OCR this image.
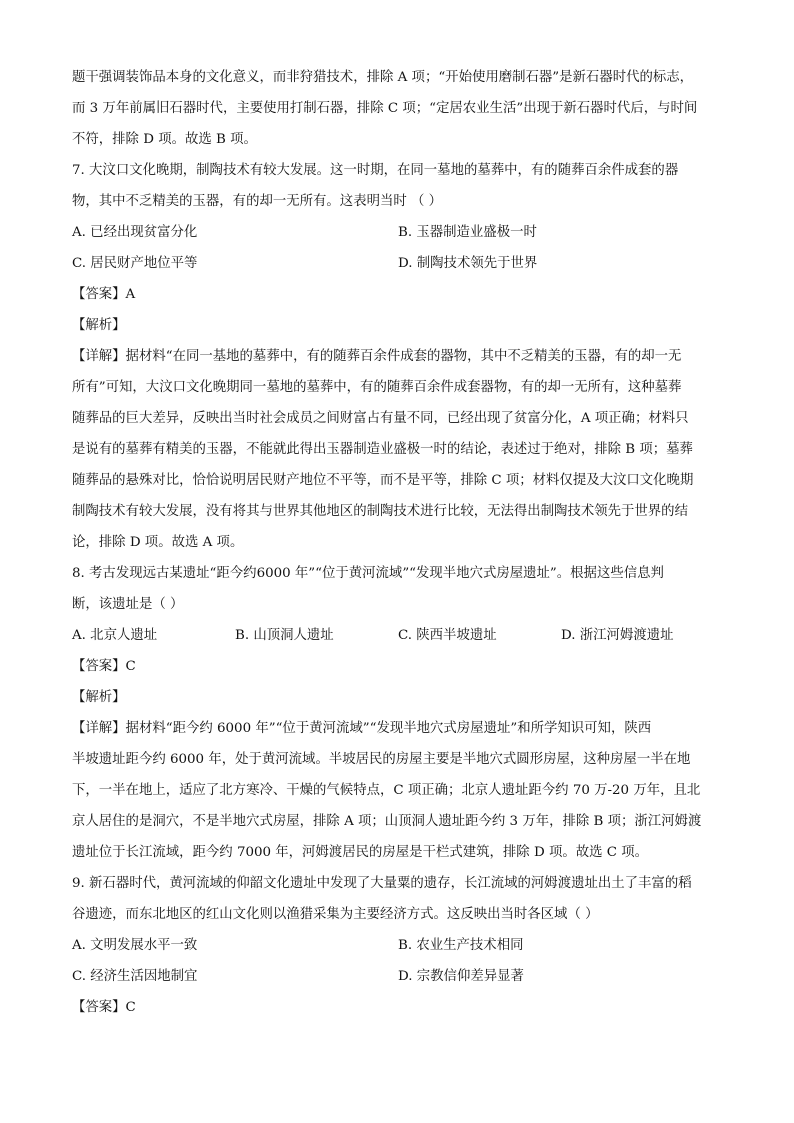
题干强调装饰品本身的文化意义，而非狩猎技术，排除 A 项；“开始使用磨制石器”是新石器时代的标志，
而 3 万年前属旧石器时代，主要使用打制石器，排除 C 项；“定居农业生活”出现于新石器时代后，与时间
不符，排除 D 项。故选 B 项。
7. 大汶口文化晚期，制陶技术有较大发展。这一时期，在同一墓地的墓葬中，有的随葬百余件成套的器
物，其中不乏精美的玉器，有的却一无所有。这表明当时 （ ）
A. 已经出现贫富分化	B. 玉器制造业盛极一时
C. 居民财产地位平等	D. 制陶技术领先于世界
【答案】A
【解析】
【详解】据材料“在同一基地的墓葬中，有的随葬百余件成套的器物，其中不乏精美的玉器，有的却一无
所有”可知，大汶口文化晚期同一墓地的墓葬中，有的随葬百余件成套器物，有的却一无所有，这种墓葬
随葬品的巨大差异，反映出当时社会成员之间财富占有量不同，已经出现了贫富分化，A 项正确；材料只
是说有的墓葬有精美的玉器，不能就此得出玉器制造业盛极一时的结论，表述过于绝对，排除 B 项；墓葬
随葬品的悬殊对比，恰恰说明居民财产地位不平等，而不是平等，排除 C 项；材料仅提及大汶口文化晚期
制陶技术有较大发展，没有将其与世界其他地区的制陶技术进行比较，无法得出制陶技术领先于世界的结
论，排除 D 项。故选 A 项。
8. 考古发现远古某遗址“距今约6000 年”“位于黄河流域”“发现半地穴式房屋遗址”。根据这些信息判
断，该遗址是（ ）
A. 北京人遗址	B. 山顶洞人遗址	C. 陕西半坡遗址	D. 浙江河姆渡遗址
【答案】C
【解析】
【详解】据材料“距今约 6000 年”“位于黄河流域”“发现半地穴式房屋遗址”和所学知识可知，陕西
半坡遗址距今约 6000 年，处于黄河流域。半坡居民的房屋主要是半地穴式圆形房屋，这种房屋一半在地
下，一半在地上，适应了北方寒冷、干燥的气候特点，C 项正确；北京人遗址距今约 70 万-20 万年，且北
京人居住的是洞穴，不是半地穴式房屋，排除 A 项；山顶洞人遗址距今约 3 万年，排除 B 项；浙江河姆渡
遗址位于长江流域，距今约 7000 年，河姆渡居民的房屋是干栏式建筑，排除 D 项。故选 C 项。
9. 新石器时代，黄河流域的仰韶文化遗址中发现了大量粟的遗存，长江流域的河姆渡遗址出土了丰富的稻
谷遗迹，而东北地区的红山文化则以渔猎采集为主要经济方式。这反映出当时各区域（ ）
A. 文明发展水平一致	B. 农业生产技术相同
C. 经济生活因地制宜	D. 宗教信仰差异显著
【答案】C
